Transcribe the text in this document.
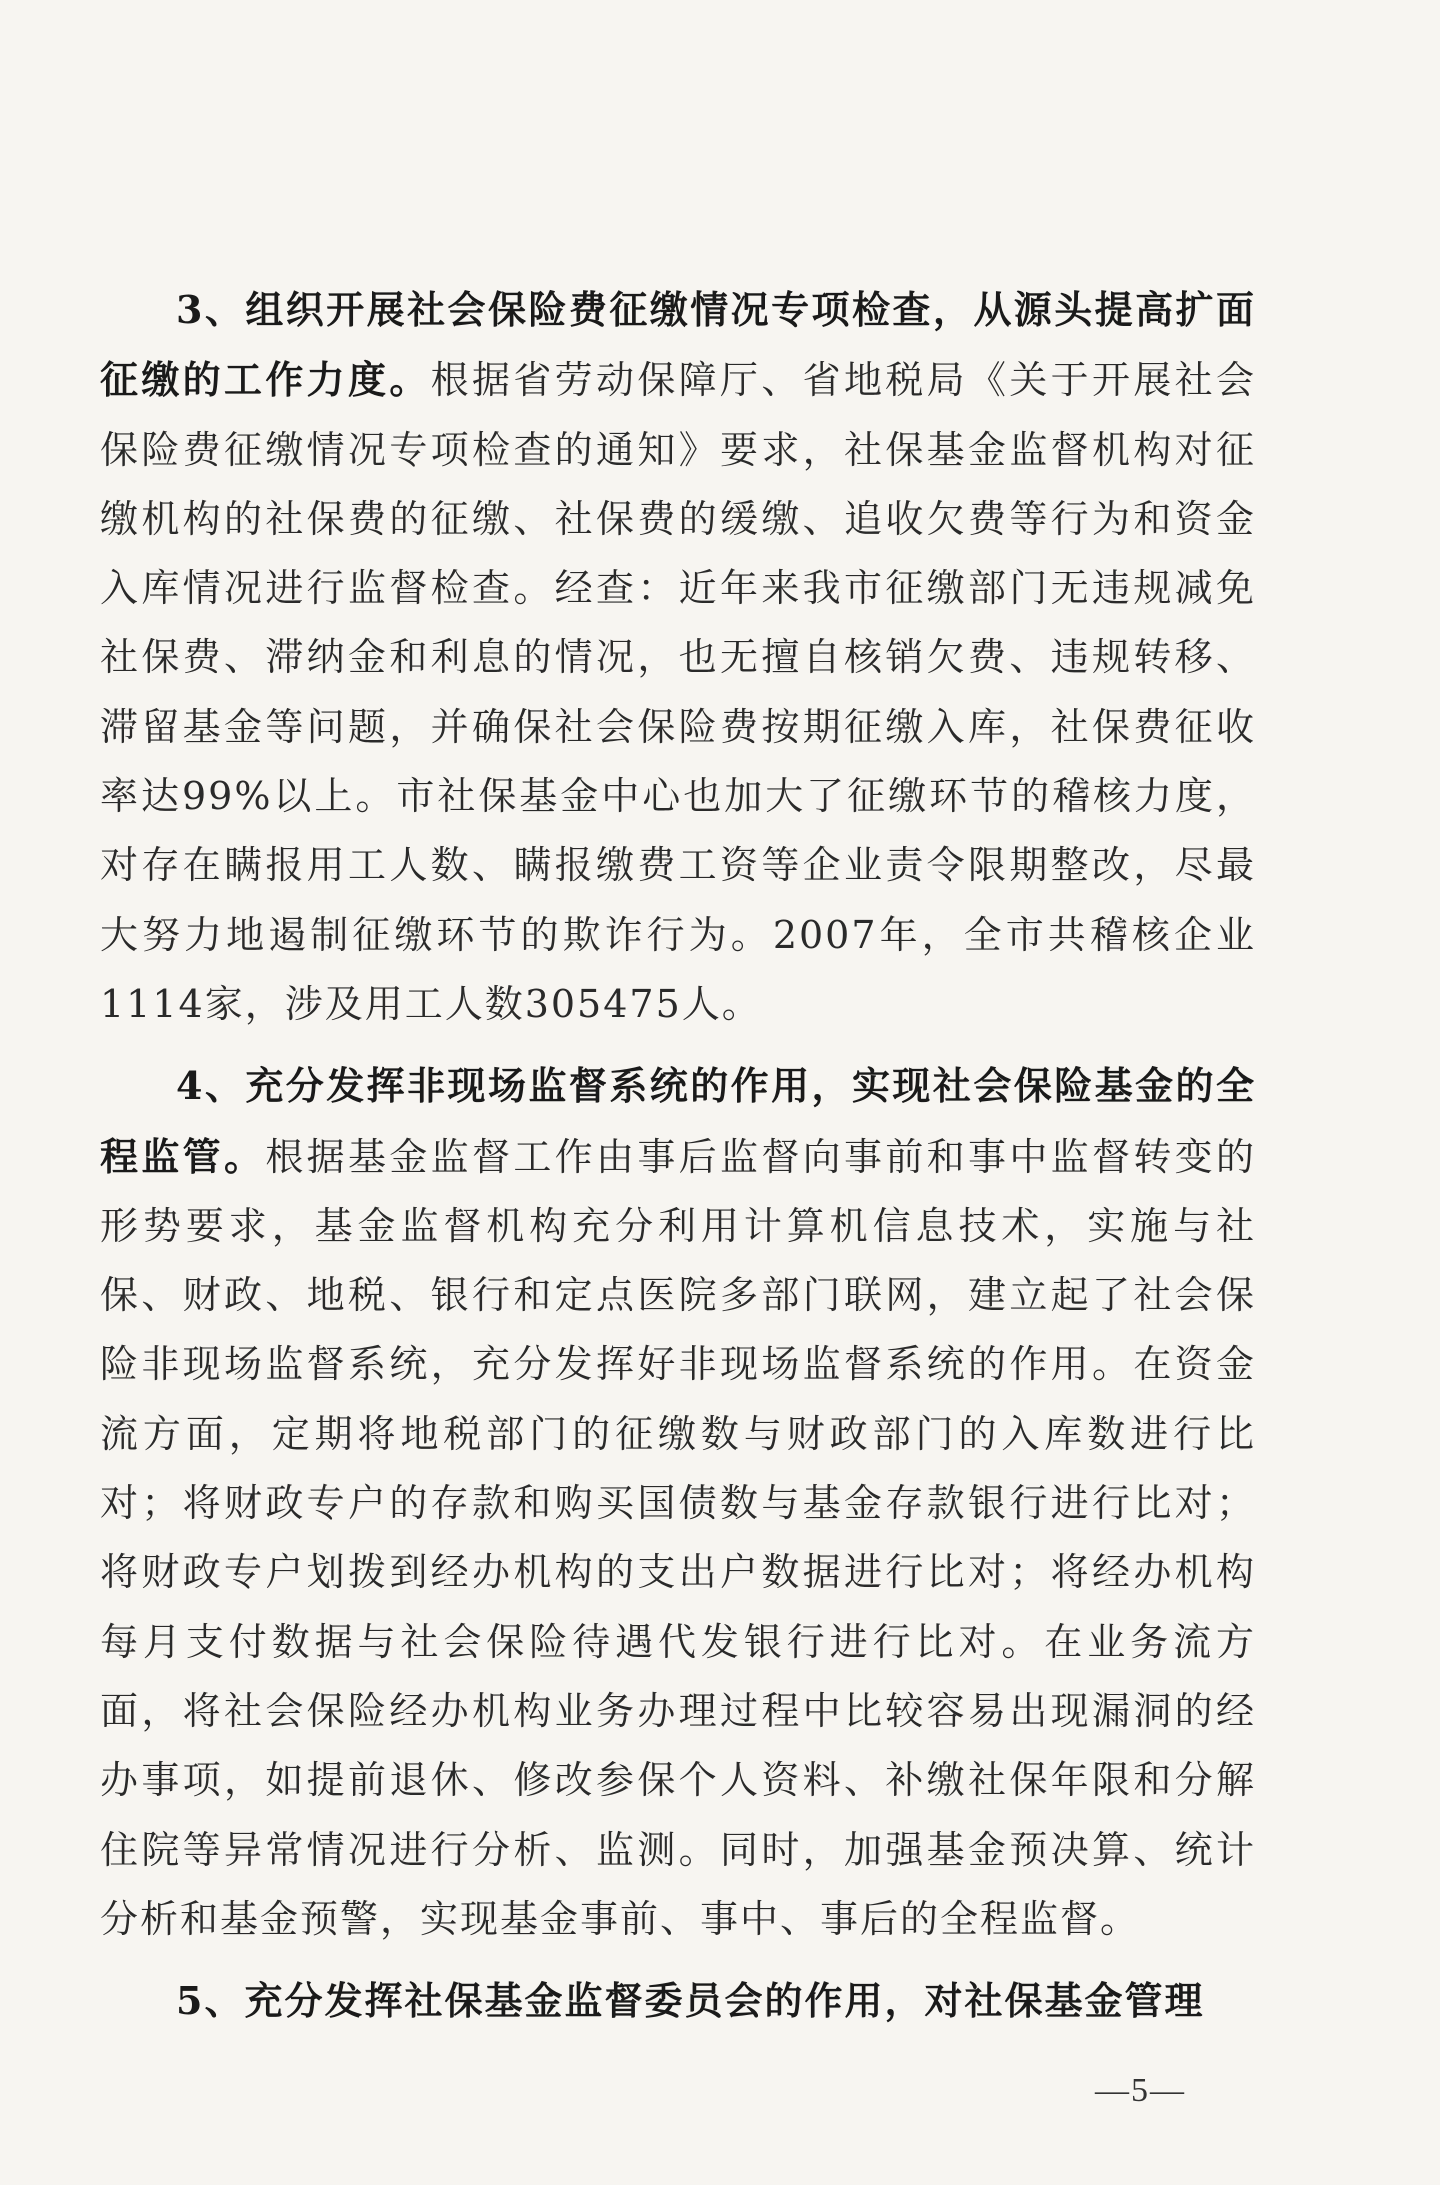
3、组织开展社会保险费征缴情况专项检查，从源头提高扩面征缴的工作力度。根据省劳动保障厅、省地税局《关于开展社会保险费征缴情况专项检查的通知》要求，社保基金监督机构对征缴机构的社保费的征缴、社保费的缓缴、追收欠费等行为和资金入库情况进行监督检查。经查：近年来我市征缴部门无违规减免社保费、滞纳金和利息的情况，也无擅自核销欠费、违规转移、滞留基金等问题，并确保社会保险费按期征缴入库，社保费征收率达99%以上。市社保基金中心也加大了征缴环节的稽核力度，对存在瞒报用工人数、瞒报缴费工资等企业责令限期整改，尽最大努力地遏制征缴环节的欺诈行为。2007年，全市共稽核企业1114家，涉及用工人数305475人。

4、充分发挥非现场监督系统的作用，实现社会保险基金的全程监管。根据基金监督工作由事后监督向事前和事中监督转变的形势要求，基金监督机构充分利用计算机信息技术，实施与社保、财政、地税、银行和定点医院多部门联网，建立起了社会保险非现场监督系统，充分发挥好非现场监督系统的作用。在资金流方面，定期将地税部门的征缴数与财政部门的入库数进行比对；将财政专户的存款和购买国债数与基金存款银行进行比对；将财政专户划拨到经办机构的支出户数据进行比对；将经办机构每月支付数据与社会保险待遇代发银行进行比对。在业务流方面，将社会保险经办机构业务办理过程中比较容易出现漏洞的经办事项，如提前退休、修改参保个人资料、补缴社保年限和分解住院等异常情况进行分析、监测。同时，加强基金预决算、统计分析和基金预警，实现基金事前、事中、事后的全程监督。

5、充分发挥社保基金监督委员会的作用，对社保基金管理

—5—
